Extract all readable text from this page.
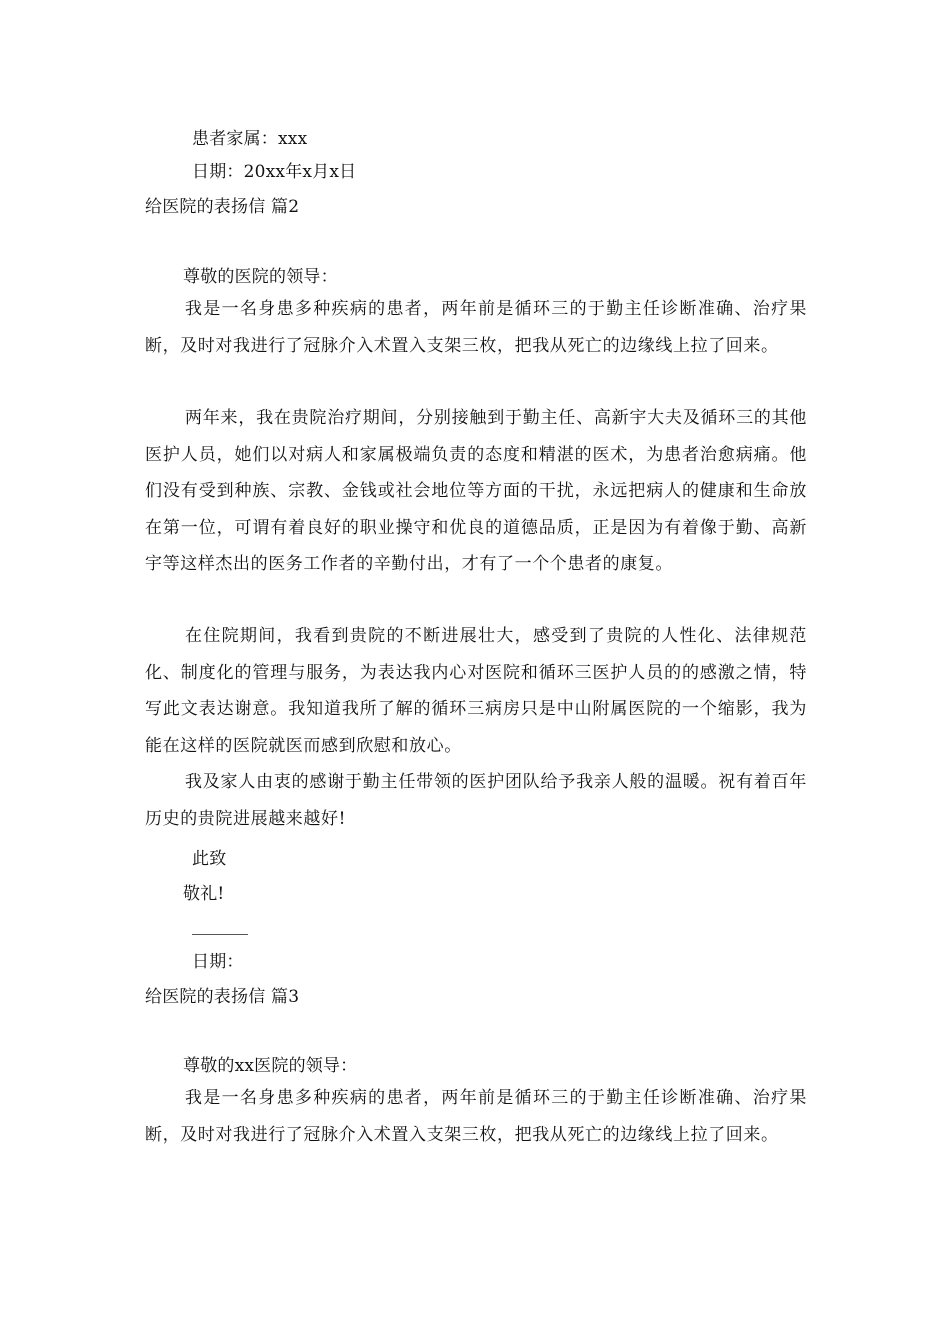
患者家属：xxx
日期：20xx年x月x日
给医院的表扬信 篇2
尊敬的医院的领导：
我是一名身患多种疾病的患者，两年前是循环三的于勤主任诊断准确、治疗果断，及时对我进行了冠脉介入术置入支架三枚，把我从死亡的边缘线上拉了回来。
两年来，我在贵院治疗期间，分别接触到于勤主任、高新宇大夫及循环三的其他医护人员，她们以对病人和家属极端负责的态度和精湛的医术，为患者治愈病痛。他们没有受到种族、宗教、金钱或社会地位等方面的干扰，永远把病人的健康和生命放在第一位，可谓有着良好的职业操守和优良的道德品质，正是因为有着像于勤、高新宇等这样杰出的医务工作者的辛勤付出，才有了一个个患者的康复。
在住院期间，我看到贵院的不断进展壮大，感受到了贵院的人性化、法律规范化、制度化的管理与服务，为表达我内心对医院和循环三医护人员的的感激之情，特写此文表达谢意。我知道我所了解的循环三病房只是中山附属医院的一个缩影，我为能在这样的医院就医而感到欣慰和放心。
我及家人由衷的感谢于勤主任带领的医护团队给予我亲人般的温暖。祝有着百年历史的贵院进展越来越好!
此致
敬礼!
日期：
给医院的表扬信 篇3
尊敬的xx医院的领导：
我是一名身患多种疾病的患者，两年前是循环三的于勤主任诊断准确、治疗果断，及时对我进行了冠脉介入术置入支架三枚，把我从死亡的边缘线上拉了回来。
